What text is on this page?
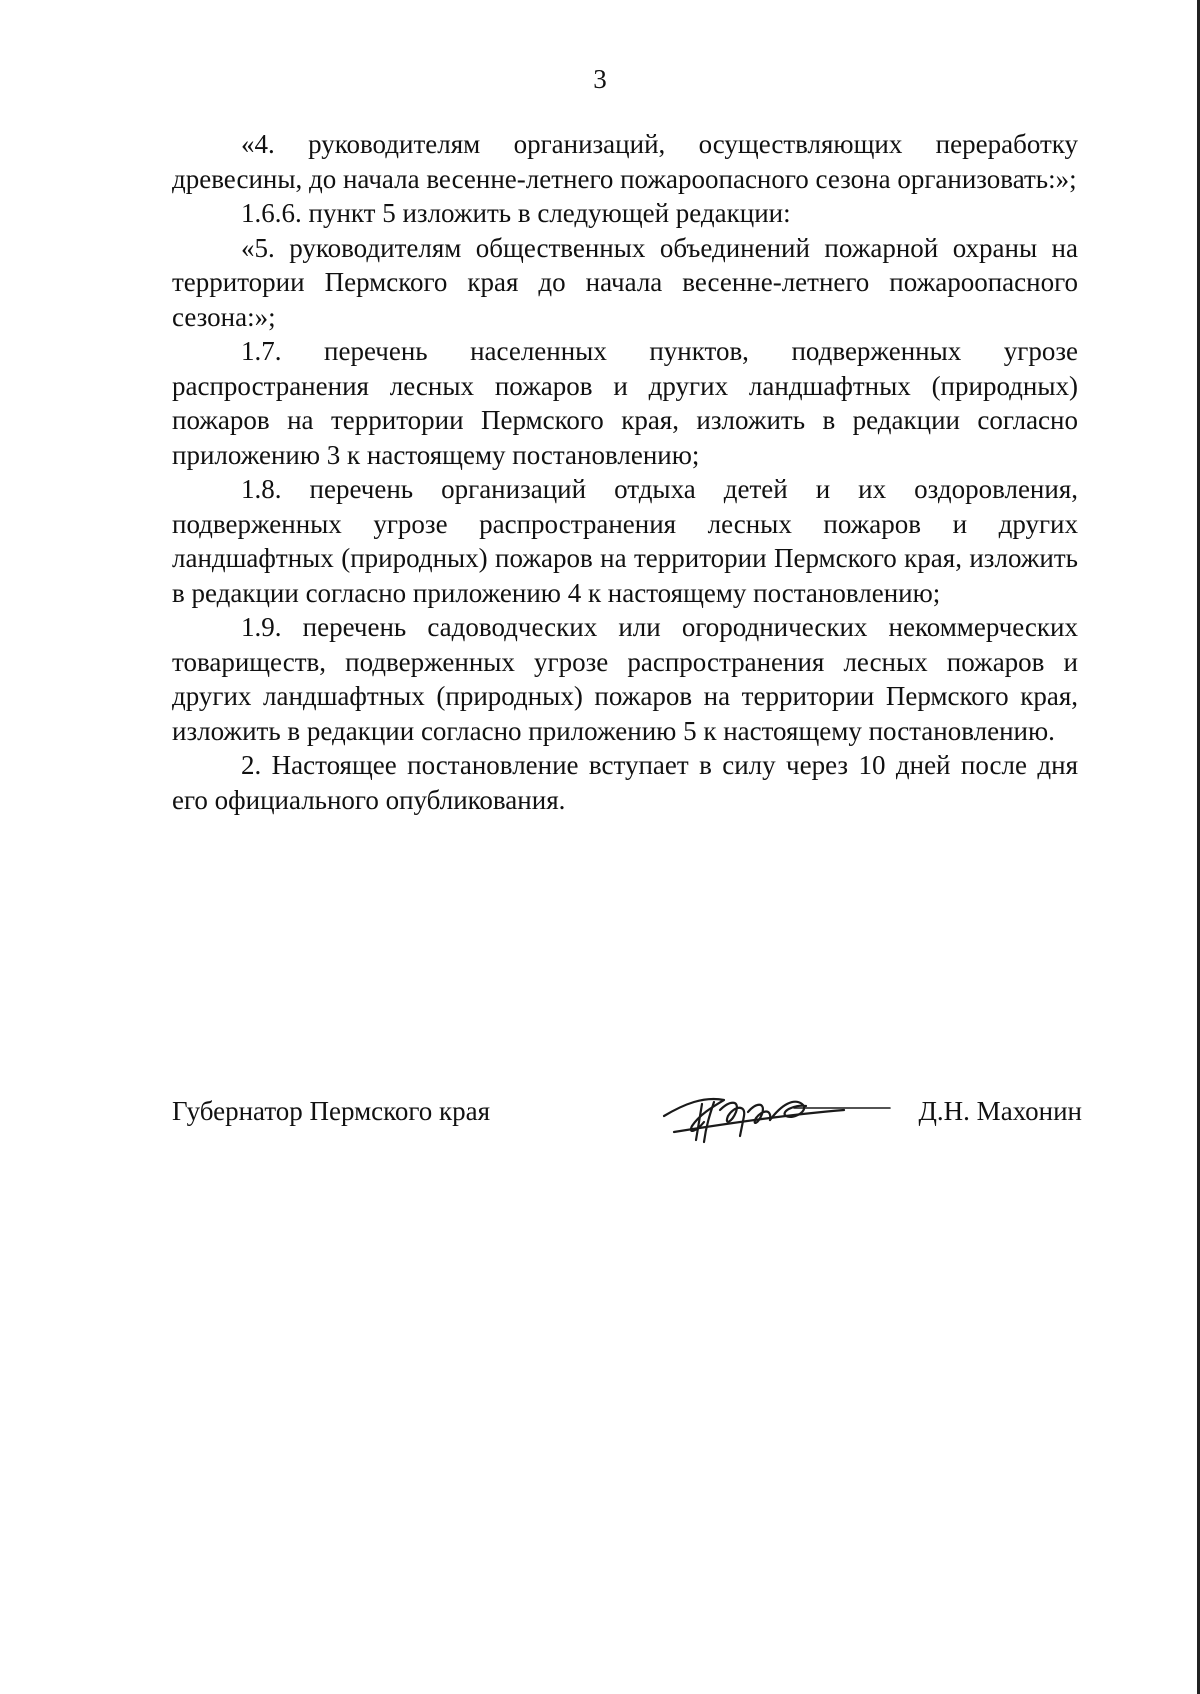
3

«4. руководителям организаций, осуществляющих переработку древесины, до начала весенне-летнего пожароопасного сезона организовать:»;

1.6.6. пункт 5 изложить в следующей редакции:

«5. руководителям общественных объединений пожарной охраны на территории Пермского края до начала весенне-летнего пожароопасного сезона:»;

1.7. перечень населенных пунктов, подверженных угрозе распространения лесных пожаров и других ландшафтных (природных) пожаров на территории Пермского края, изложить в редакции согласно приложению 3 к настоящему постановлению;

1.8. перечень организаций отдыха детей и их оздоровления, подверженных угрозе распространения лесных пожаров и других ландшафтных (природных) пожаров на территории Пермского края, изложить в редакции согласно приложению 4 к настоящему постановлению;

1.9. перечень садоводческих или огороднических некоммерческих товариществ, подверженных угрозе распространения лесных пожаров и других ландшафтных (природных) пожаров на территории Пермского края, изложить в редакции согласно приложению 5 к настоящему постановлению.

2. Настоящее постановление вступает в силу через 10 дней после дня его официального опубликования.

Губернатор Пермского края	Д.Н. Махонин
